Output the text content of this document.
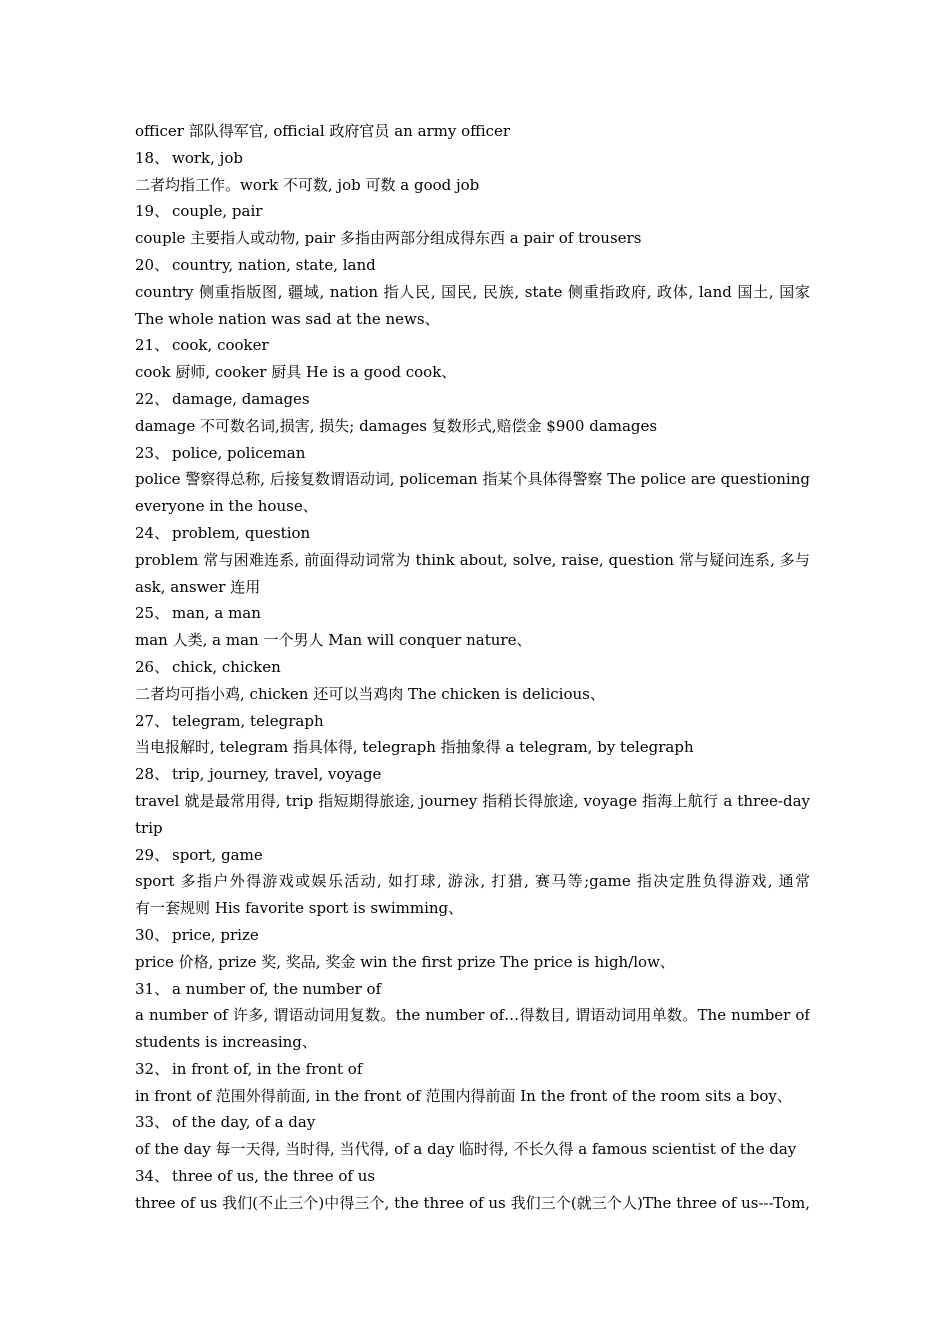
officer 部队得军官, official 政府官员 an army officer
18、 work, job
二者均指工作。work 不可数, job 可数 a good job
19、 couple, pair
couple 主要指人或动物, pair 多指由两部分组成得东西 a pair of trousers
20、 country, nation, state, land
country 侧重指版图, 疆域, nation 指人民, 国民, 民族, state 侧重指政府, 政体, land 国土, 国家
The whole nation was sad at the news、
21、 cook, cooker
cook 厨师, cooker 厨具 He is a good cook、
22、 damage, damages
damage 不可数名词,损害, 损失; damages 复数形式,赔偿金 $900 damages
23、 police, policeman
police 警察得总称, 后接复数谓语动词, policeman 指某个具体得警察 The police are questioning
everyone in the house、
24、 problem, question
problem 常与困难连系, 前面得动词常为 think about, solve, raise, question 常与疑问连系, 多与
ask, answer 连用
25、 man, a man
man 人类, a man 一个男人 Man will conquer nature、
26、 chick, chicken
二者均可指小鸡, chicken 还可以当鸡肉 The chicken is delicious、
27、 telegram, telegraph
当电报解时, telegram 指具体得, telegraph 指抽象得 a telegram, by telegraph
28、 trip, journey, travel, voyage
travel 就是最常用得, trip 指短期得旅途, journey 指稍长得旅途, voyage 指海上航行 a three-day
trip
29、 sport, game
sport 多指户外得游戏或娱乐活动, 如打球, 游泳, 打猎, 赛马等;game 指决定胜负得游戏, 通常
有一套规则 His favorite sport is swimming、
30、 price, prize
price 价格, prize 奖, 奖品, 奖金 win the first prize The price is high/low、
31、 a number of, the number of
a number of 许多, 谓语动词用复数。the number of…得数目, 谓语动词用单数。The number of
students is increasing、
32、 in front of, in the front of
in front of 范围外得前面, in the front of 范围内得前面 In the front of the room sits a boy、
33、 of the day, of a day
of the day 每一天得, 当时得, 当代得, of a day 临时得, 不长久得 a famous scientist of the day
34、 three of us, the three of us
three of us 我们(不止三个)中得三个, the three of us 我们三个(就三个人)The three of us---Tom,
